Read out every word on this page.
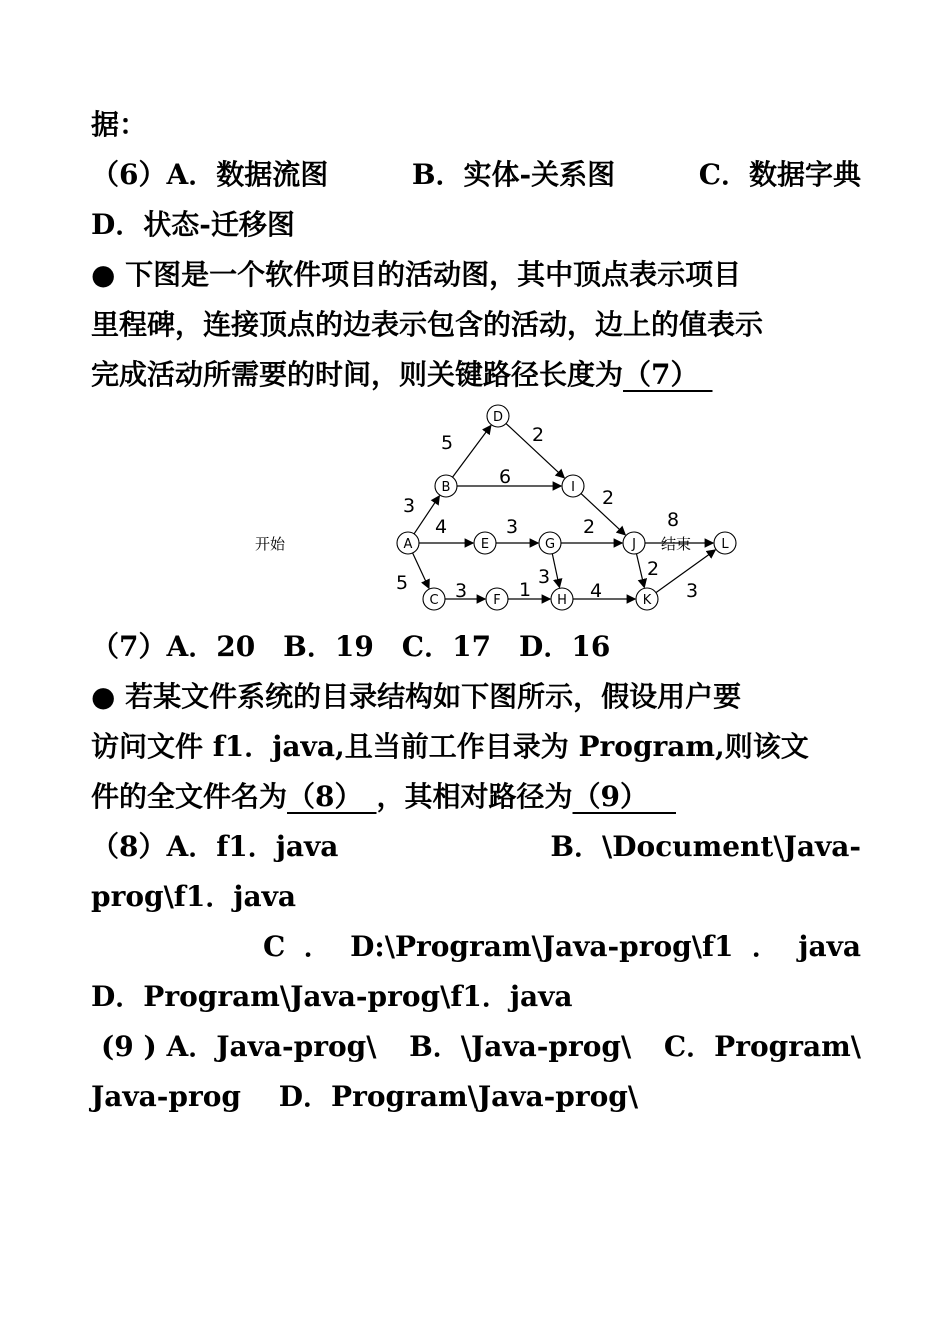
据：
（6）A．数据流图	B．实体-关系图	C．数据字典
D．状态-迁移图
● 下图是一个软件项目的活动图，其中顶点表示项目
里程碑，连接顶点的边表示包含的活动，边上的值表示
完成活动所需要的时间，则关键路径长度为（7） 
A
B
C
D
E
F
G
H
I
J
K
L
3
4
5
5
6
2
3
3	1
2
3
2
4
8
2
3
开始	结束
（7）A．20　B．19　C．17　D．16
● 若某文件系统的目录结构如下图所示，假设用户要
访问文件 f1．java,且当前工作目录为 Program,则该文
件的全文件名为（8）  ，其相对路径为（9）  
（8）A．f1．java	B．\Document\Java-
prog\f1．java
C ． D:\Program\Java-prog\f1 ． java
D．Program\Java-prog\f1．java
(9 ) A．Java-prog\ B．\Java-prog\ C．Program\
Java-prog　 D．Program\Java-prog\
